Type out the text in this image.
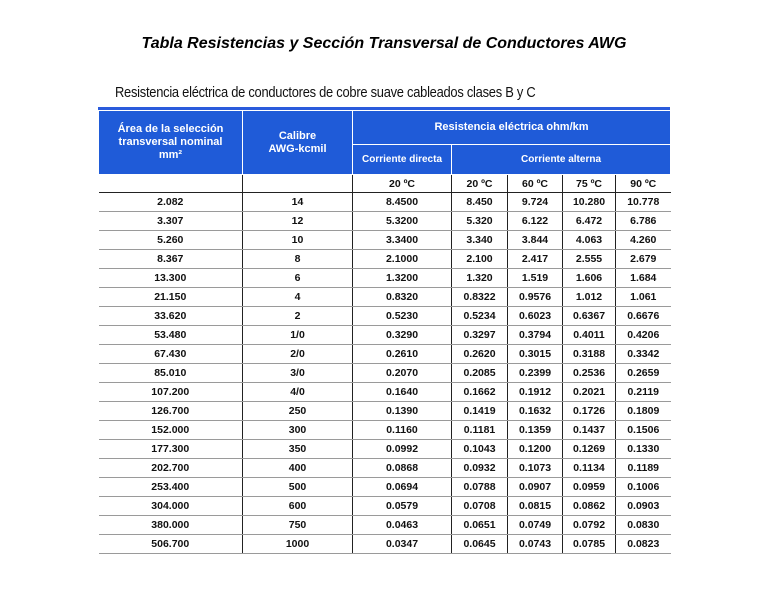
Tabla Resistencias y Sección Transversal de Conductores AWG
Resistencia eléctrica de conductores de cobre suave cableados clases B y C
Área de la selección transversal nominal mm²	Calibre AWG-kcmil	Resistencia eléctrica ohm/km				
		Corriente directa	Corriente alterna			
		20 ºC	20 ºC	60 ºC	75 ºC	90 ºC
2.082	14	8.4500	8.450	9.724	10.280	10.778
3.307	12	5.3200	5.320	6.122	6.472	6.786
5.260	10	3.3400	3.340	3.844	4.063	4.260
8.367	8	2.1000	2.100	2.417	2.555	2.679
13.300	6	1.3200	1.320	1.519	1.606	1.684
21.150	4	0.8320	0.8322	0.9576	1.012	1.061
33.620	2	0.5230	0.5234	0.6023	0.6367	0.6676
53.480	1/0	0.3290	0.3297	0.3794	0.4011	0.4206
67.430	2/0	0.2610	0.2620	0.3015	0.3188	0.3342
85.010	3/0	0.2070	0.2085	0.2399	0.2536	0.2659
107.200	4/0	0.1640	0.1662	0.1912	0.2021	0.2119
126.700	250	0.1390	0.1419	0.1632	0.1726	0.1809
152.000	300	0.1160	0.1181	0.1359	0.1437	0.1506
177.300	350	0.0992	0.1043	0.1200	0.1269	0.1330
202.700	400	0.0868	0.0932	0.1073	0.1134	0.1189
253.400	500	0.0694	0.0788	0.0907	0.0959	0.1006
304.000	600	0.0579	0.0708	0.0815	0.0862	0.0903
380.000	750	0.0463	0.0651	0.0749	0.0792	0.0830
506.700	1000	0.0347	0.0645	0.0743	0.0785	0.0823
